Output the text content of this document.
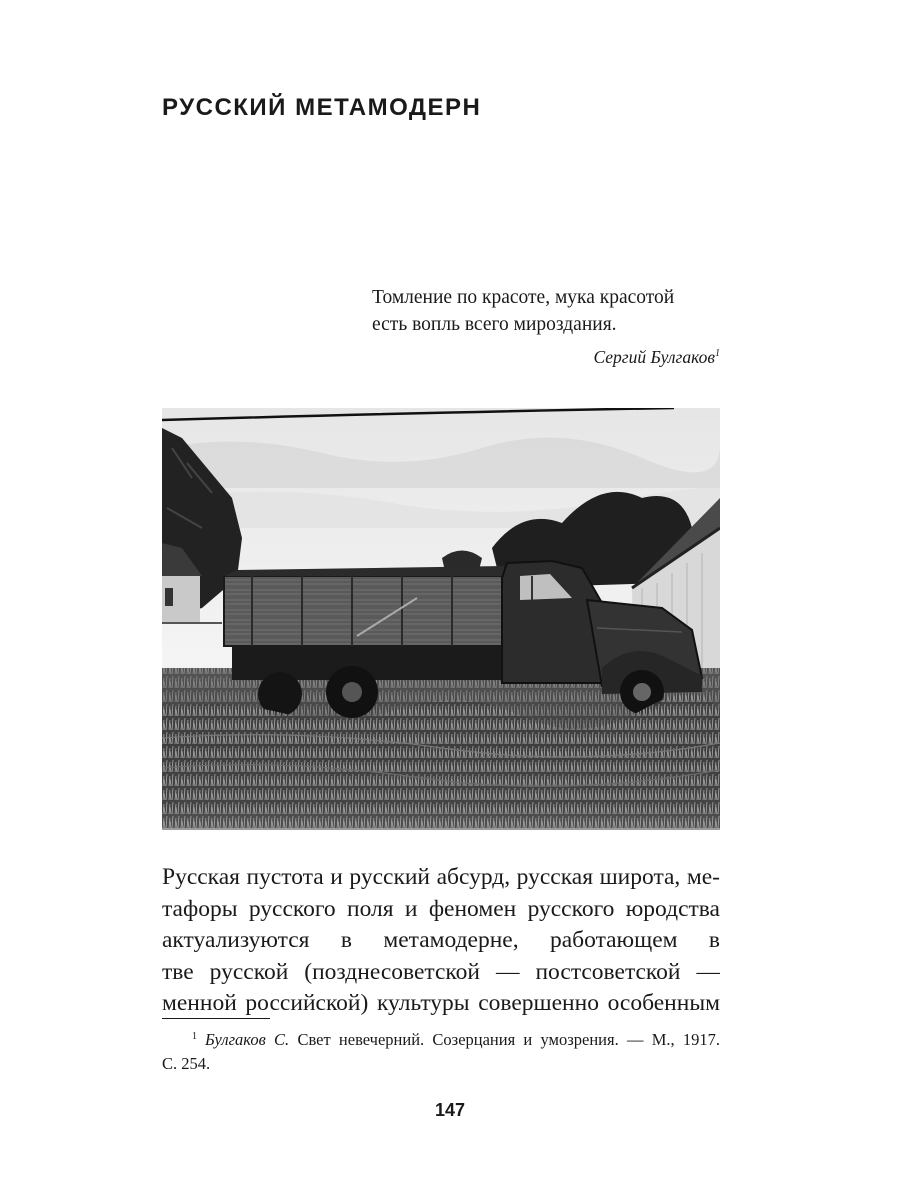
РУССКИЙ МЕТАМОДЕРН
Томление по красоте, мука красотой
есть вопль всего мироздания.
Сергий Булгаков$^1$
Русская пустота и русский абсурд, русская широта, ме-
тафоры русского поля и феномен русского юродства
актуализуются в метамодерне, работающем в
тве русской (позднесоветской — постсоветской —
менной российской) культуры совершенно особенным
$^1$ Булгаков С. Свет невечерний. Созерцания и умозрения. — М., 1917.
С. 254.
147
